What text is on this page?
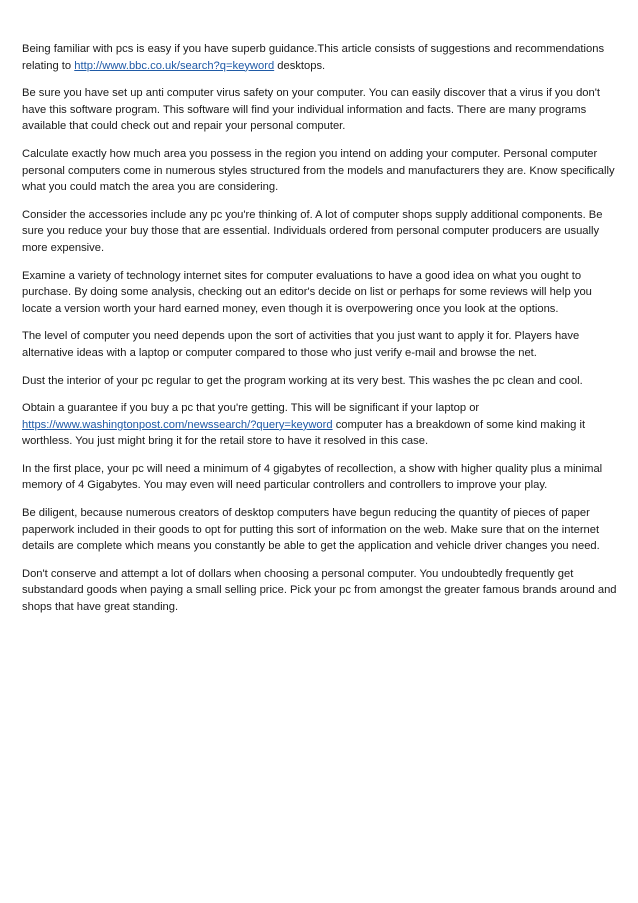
Being familiar with pcs is easy if you have superb guidance.This article consists of suggestions and recommendations relating to http://www.bbc.co.uk/search?q=keyword desktops.

Be sure you have set up anti computer virus safety on your computer. You can easily discover that a virus if you don't have this software program. This software will find your individual information and facts. There are many programs available that could check out and repair your personal computer.

Calculate exactly how much area you possess in the region you intend on adding your computer. Personal computer personal computers come in numerous styles structured from the models and manufacturers they are. Know specifically what you could match the area you are considering.

Consider the accessories include any pc you're thinking of. A lot of computer shops supply additional components. Be sure you reduce your buy those that are essential. Individuals ordered from personal computer producers are usually more expensive.

Examine a variety of technology internet sites for computer evaluations to have a good idea on what you ought to purchase. By doing some analysis, checking out an editor's decide on list or perhaps for some reviews will help you locate a version worth your hard earned money, even though it is overpowering once you look at the options.

The level of computer you need depends upon the sort of activities that you just want to apply it for. Players have alternative ideas with a laptop or computer compared to those who just verify e-mail and browse the net.

Dust the interior of your pc regular to get the program working at its very best. This washes the pc clean and cool.

Obtain a guarantee if you buy a pc that you're getting. This will be significant if your laptop or https://www.washingtonpost.com/newssearch/?query=keyword computer has a breakdown of some kind making it worthless. You just might bring it for the retail store to have it resolved in this case.

In the first place, your pc will need a minimum of 4 gigabytes of recollection, a show with higher quality plus a minimal memory of 4 Gigabytes. You may even will need particular controllers and controllers to improve your play.

Be diligent, because numerous creators of desktop computers have begun reducing the quantity of pieces of paper paperwork included in their goods to opt for putting this sort of information on the web. Make sure that on the internet details are complete which means you constantly be able to get the application and vehicle driver changes you need.

Don't conserve and attempt a lot of dollars when choosing a personal computer. You undoubtedly frequently get substandard goods when paying a small selling price. Pick your pc from amongst the greater famous brands around and shops that have great standing.
